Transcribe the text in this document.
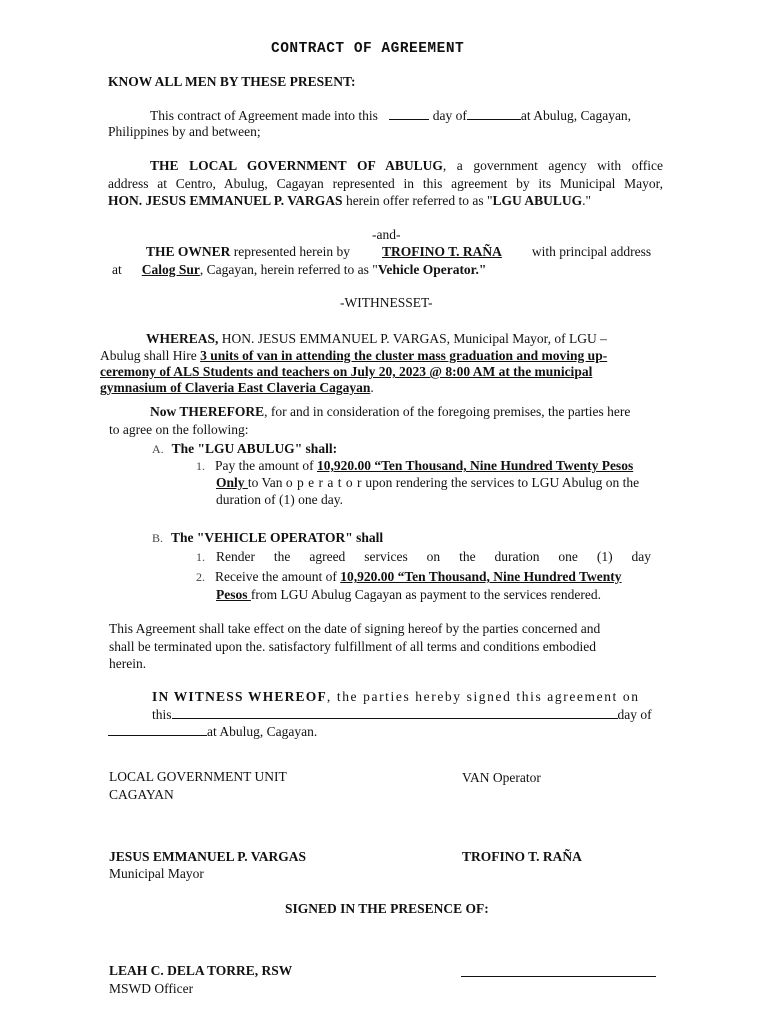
CONTRACT OF AGREEMENT
KNOW ALL MEN BY THESE PRESENT:
This contract of Agreement made into this	day of	at Abulug, Cagayan,
Philippines by and between;
THE LOCAL GOVERNMENT OF ABULUG, a government agency with office
address at Centro, Abulug, Cagayan represented in this agreement by its Municipal Mayor,
HON. JESUS EMMANUEL P. VARGAS herein offer referred to as "LGU ABULUG."
-and-
THE OWNER represented herein by TROFINO T. RAÑA with principal address
at Calog Sur, Cagayan, herein referred to as "Vehicle Operator."
-WITHNESSET-
WHEREAS, HON. JESUS EMMANUEL P. VARGAS, Municipal Mayor, of LGU –
Abulug shall Hire 3 units of van in attending the cluster mass graduation and moving up-
ceremony of ALS Students and teachers on July 20, 2023 @ 8:00 AM at the municipal
gymnasium of Claveria East Claveria Cagayan.
Now THEREFORE, for and in consideration of the foregoing premises, the parties here
to agree on the following:
A. The "LGU ABULUG" shall:
1. Pay the amount of 10,920.00 “Ten Thousand, Nine Hundred Twenty Pesos
Only to Van o p e r a t o r upon rendering the services to LGU Abulug on the
duration of (1) one day.
B. The "VEHICLE OPERATOR" shall
1. Render the agreed services on the duration one (1) day
2. Receive the amount of 10,920.00 “Ten Thousand, Nine Hundred Twenty
Pesos from LGU Abulug Cagayan as payment to the services rendered.
This Agreement shall take effect on the date of signing hereof by the parties concerned and
shall be terminated upon the. satisfactory fulfillment of all terms and conditions embodied
herein.
IN WITNESS WHEREOF, the parties hereby signed this agreement on
this	day of
at Abulug, Cagayan.
LOCAL GOVERNMENT UNIT
CAGAYAN
VAN Operator
JESUS EMMANUEL P. VARGAS
Municipal Mayor
TROFINO T. RAÑA
SIGNED IN THE PRESENCE OF:
LEAH C. DELA TORRE, RSW
MSWD Officer
